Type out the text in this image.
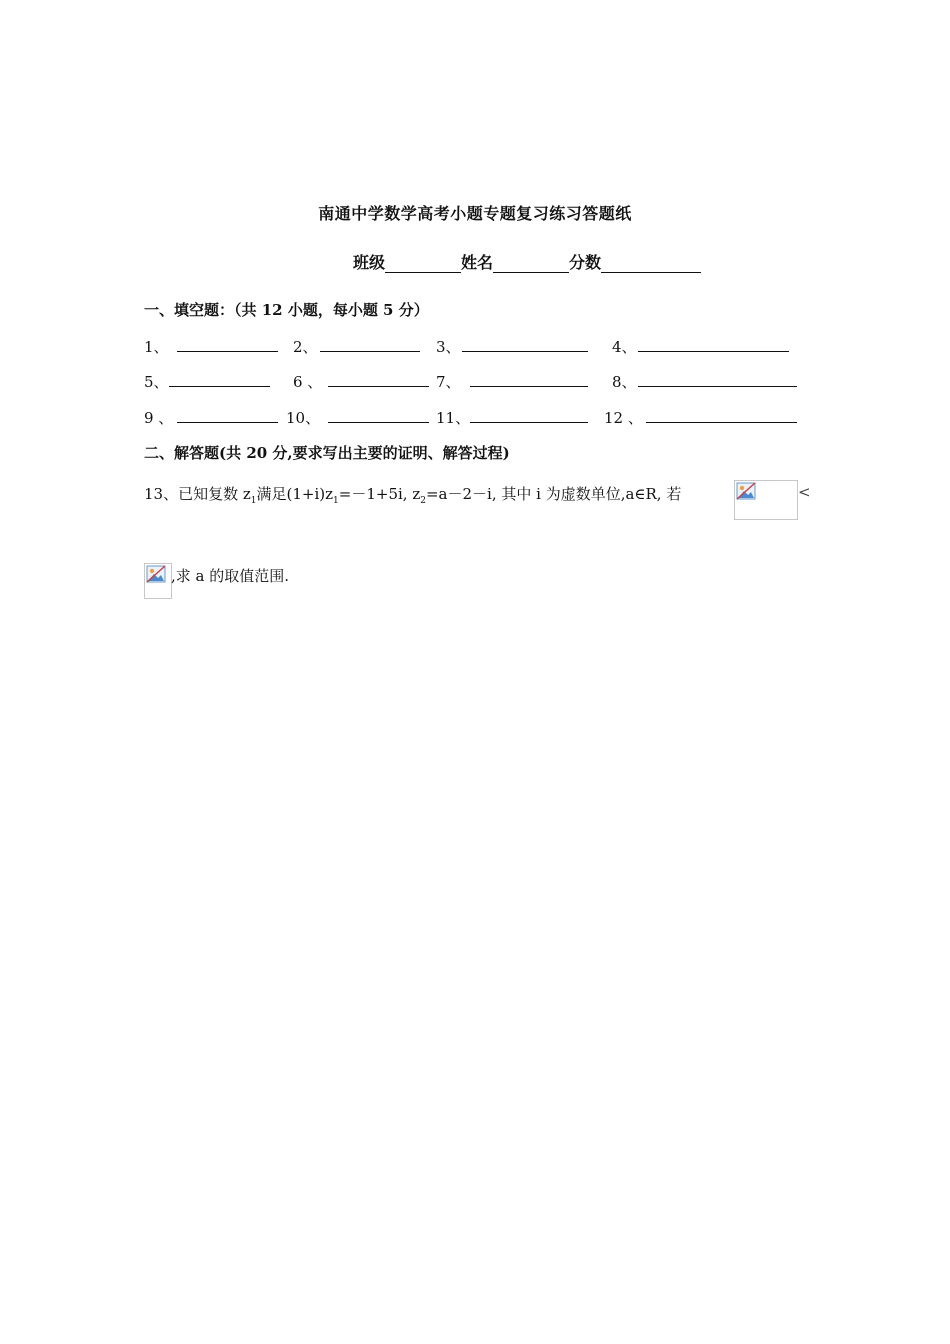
南通中学数学高考小题专题复习练习答题纸
班级	姓名	分数
一、填空题：（共 12 小题，每小题 5 分）
1、	2、	3、	4、
5、	6 、	7、	8、
9 、	10、	11、	12 、
二、解答题(共 20 分,要求写出主要的证明、解答过程)
13、已知复数 $z_1$满足$(1+i)z_1=-1+5i$, $z_2=a-2-i$, 其中 i 为虚数单位,a∈R, 若	<
,求 a 的取值范围.
